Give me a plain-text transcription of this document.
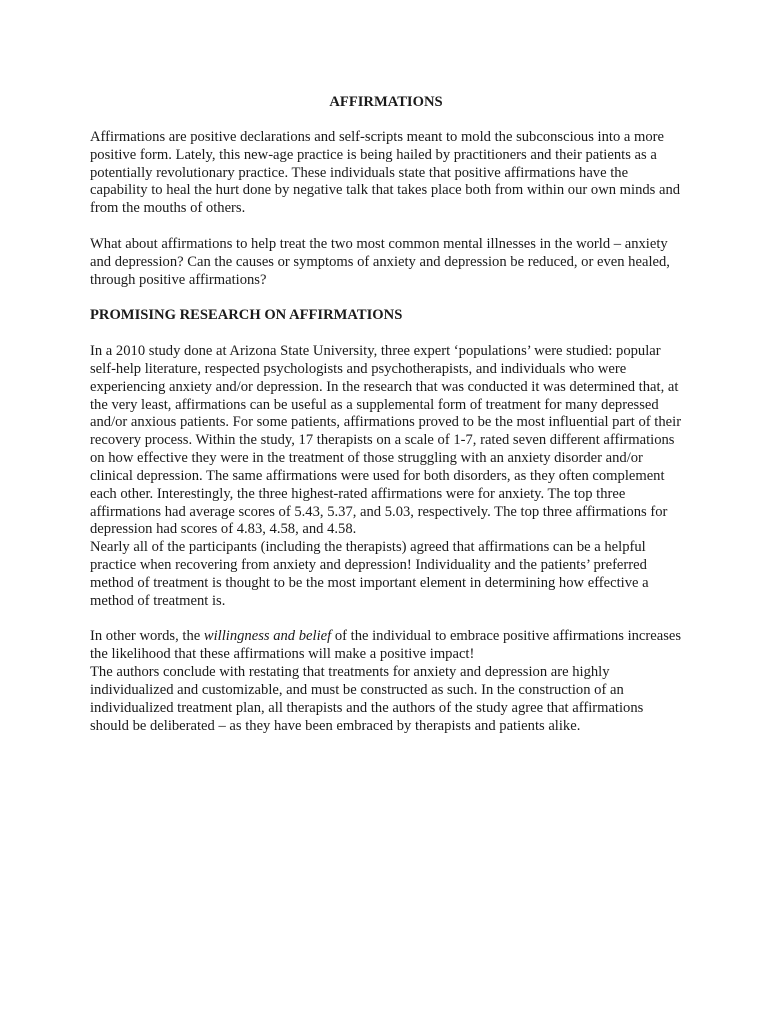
AFFIRMATIONS

Affirmations are positive declarations and self-scripts meant to mold the subconscious into a more positive form. Lately, this new-age practice is being hailed by practitioners and their patients as a potentially revolutionary practice. These individuals state that positive affirmations have the capability to heal the hurt done by negative talk that takes place both from within our own minds and from the mouths of others.

What about affirmations to help treat the two most common mental illnesses in the world – anxiety and depression? Can the causes or symptoms of anxiety and depression be reduced, or even healed, through positive affirmations?

PROMISING RESEARCH ON AFFIRMATIONS

In a 2010 study done at Arizona State University, three expert ‘populations’ were studied: popular self-help literature, respected psychologists and psychotherapists, and individuals who were experiencing anxiety and/or depression. In the research that was conducted it was determined that, at the very least, affirmations can be useful as a supplemental form of treatment for many depressed and/or anxious patients. For some patients, affirmations proved to be the most influential part of their recovery process. Within the study, 17 therapists on a scale of 1-7, rated seven different affirmations on how effective they were in the treatment of those struggling with an anxiety disorder and/or clinical depression. The same affirmations were used for both disorders, as they often complement each other. Interestingly, the three highest-rated affirmations were for anxiety. The top three affirmations had average scores of 5.43, 5.37, and 5.03, respectively. The top three affirmations for depression had scores of 4.83, 4.58, and 4.58.

Nearly all of the participants (including the therapists) agreed that affirmations can be a helpful practice when recovering from anxiety and depression! Individuality and the patients’ preferred method of treatment is thought to be the most important element in determining how effective a method of treatment is.

In other words, the willingness and belief of the individual to embrace positive affirmations increases the likelihood that these affirmations will make a positive impact!

The authors conclude with restating that treatments for anxiety and depression are highly individualized and customizable, and must be constructed as such. In the construction of an individualized treatment plan, all therapists and the authors of the study agree that affirmations should be deliberated – as they have been embraced by therapists and patients alike.
